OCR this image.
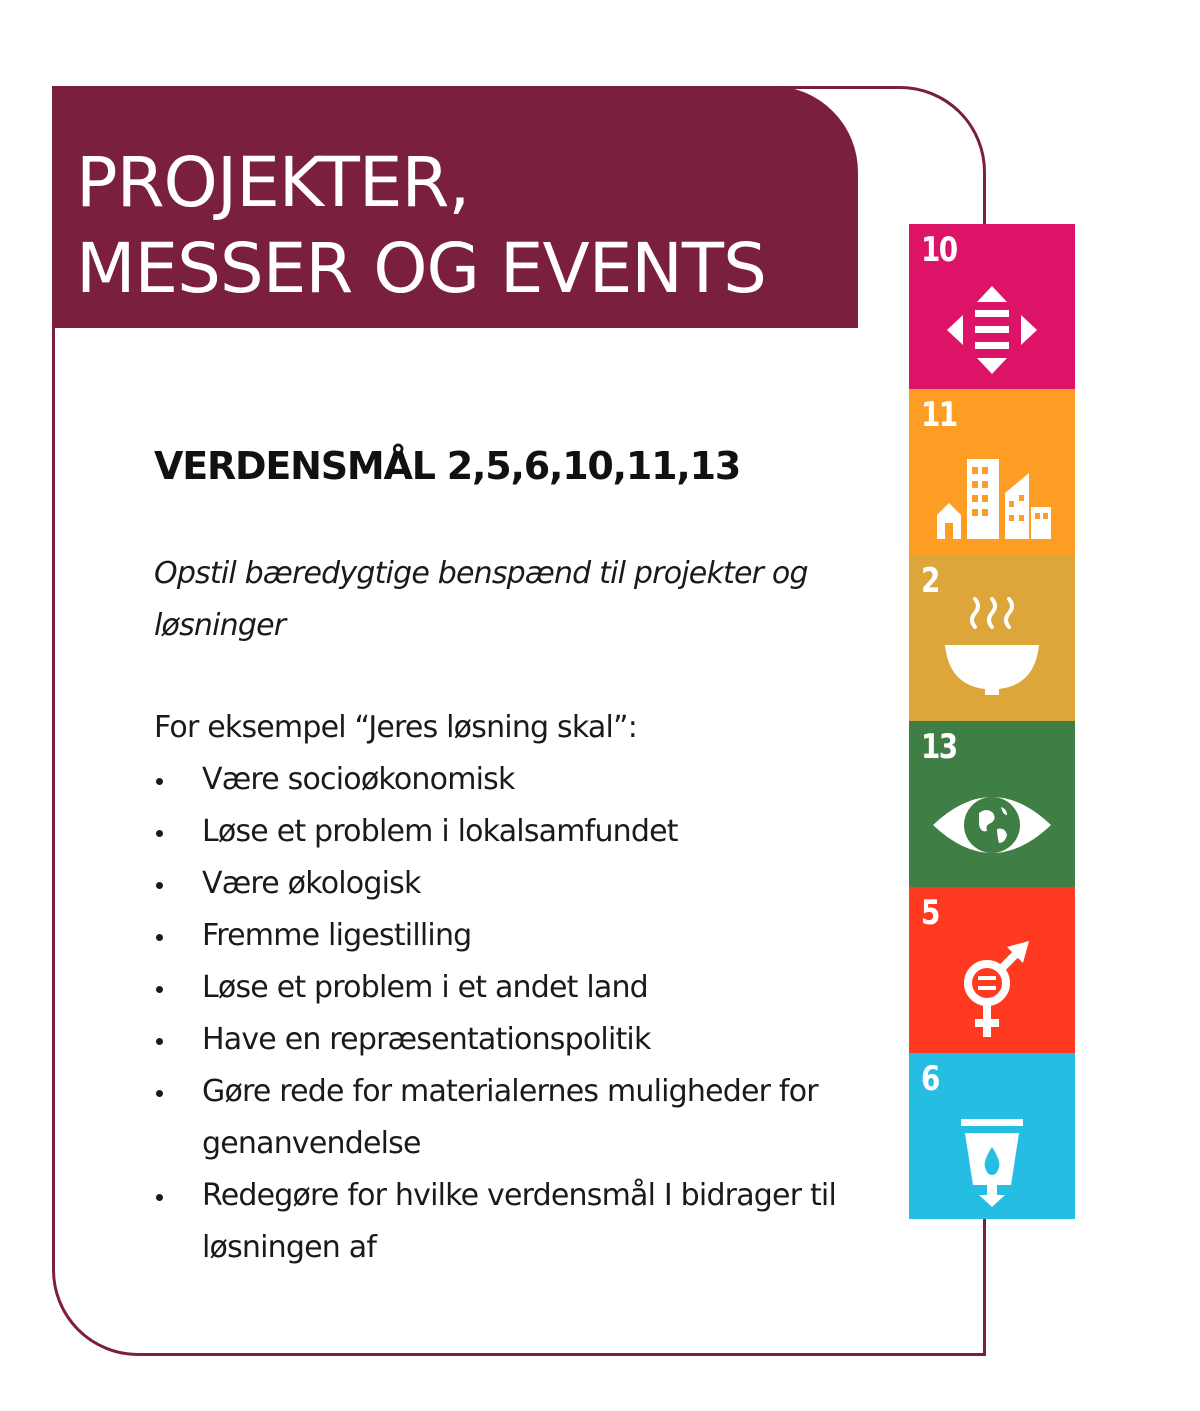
PROJEKTER,
MESSER OG EVENTS
VERDENSMÅL 2,5,6,10,11,13

Opstil bæredygtige benspænd til projekter og løsninger

For eksempel “Jeres løsning skal”:

Være socioøkonomisk
Løse et problem i lokalsamfundet
Være økologisk
Fremme ligestilling
Løse et problem i et andet land
Have en repræsentationspolitik
Gøre rede for materialernes muligheder for genanvendelse
Redegøre for hvilke verdensmål I bidrager til løsningen af
10
11
2
13
5
6
